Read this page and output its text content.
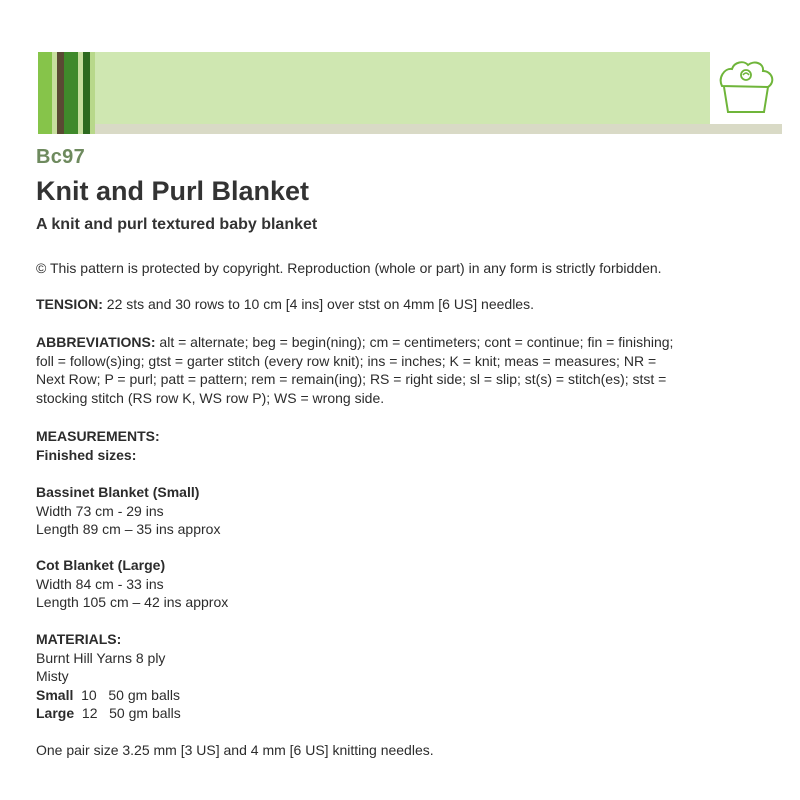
Bc97
Knit and Purl Blanket
A knit and purl textured baby blanket
© This pattern is protected by copyright. Reproduction (whole or part) in any form is strictly forbidden.
TENSION: 22 sts and 30 rows to 10 cm [4 ins] over stst on 4mm [6 US] needles.
ABBREVIATIONS: alt = alternate; beg = begin(ning); cm = centimeters; cont = continue; fin = finishing;
foll = follow(s)ing; gtst = garter stitch (every row knit); ins = inches; K = knit; meas = measures; NR =
Next Row; P = purl; patt = pattern; rem = remain(ing); RS = right side; sl = slip; st(s) = stitch(es); stst =
stocking stitch (RS row K, WS row P); WS = wrong side.
MEASUREMENTS:
Finished sizes:
Bassinet Blanket (Small)
Width 73 cm - 29 ins
Length 89 cm – 35 ins approx
Cot Blanket (Large)
Width 84 cm - 33 ins
Length 105 cm – 42 ins approx
MATERIALS:
Burnt Hill Yarns 8 ply
Misty
Small 10   50 gm balls
Large 12   50 gm balls
One pair size 3.25 mm [3 US] and 4 mm [6 US] knitting needles.
